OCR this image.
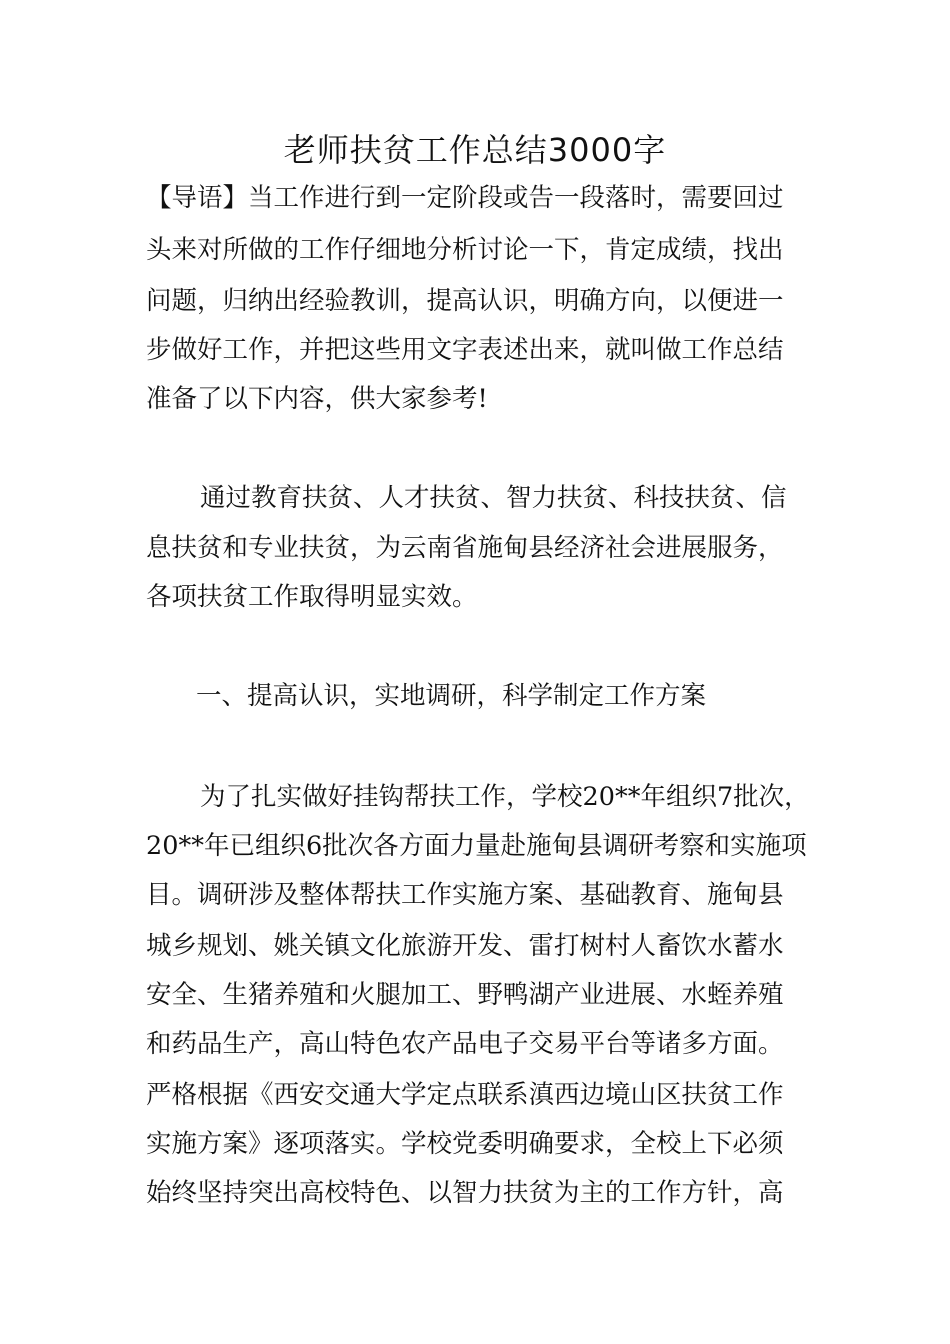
老师扶贫工作总结3000字
【导语】当工作进行到一定阶段或告一段落时，需要回过
头来对所做的工作仔细地分析讨论一下，肯定成绩，找出
问题，归纳出经验教训，提高认识，明确方向，以便进一
步做好工作，并把这些用文字表述出来，就叫做工作总结
准备了以下内容，供大家参考!
通过教育扶贫、人才扶贫、智力扶贫、科技扶贫、信
息扶贫和专业扶贫，为云南省施甸县经济社会进展服务，
各项扶贫工作取得明显实效。
一、提高认识，实地调研，科学制定工作方案
为了扎实做好挂钩帮扶工作，学校20**年组织7批次，
20**年已组织6批次各方面力量赴施甸县调研考察和实施项
目。调研涉及整体帮扶工作实施方案、基础教育、施甸县
城乡规划、姚关镇文化旅游开发、雷打树村人畜饮水蓄水
安全、生猪养殖和火腿加工、野鸭湖产业进展、水蛭养殖
和药品生产，高山特色农产品电子交易平台等诸多方面。
严格根据《西安交通大学定点联系滇西边境山区扶贫工作
实施方案》逐项落实。学校党委明确要求，全校上下必须
始终坚持突出高校特色、以智力扶贫为主的工作方针，高
